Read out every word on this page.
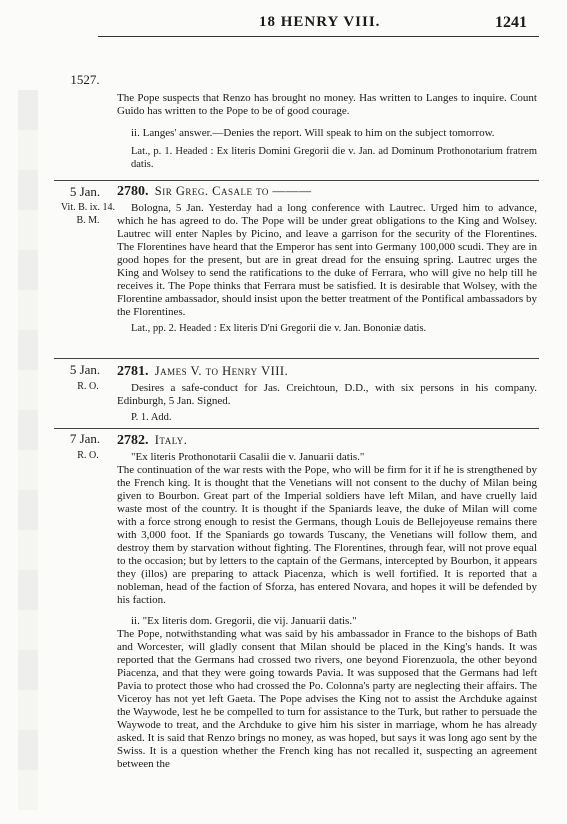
18 HENRY VIII.	1241
1527.

The Pope suspects that Renzo has brought no money. Has written to Langes to inquire. Count Guido has written to the Pope to be of good courage.

ii. Langes' answer.—Denies the report. Will speak to him on the subject tomorrow.

Lat., p. 1. Headed : Ex literis Domini Gregorii die v. Jan. ad Dominum Prothonotarium fratrem datis.
5 Jan.
Vit. B. ix. 14.
B. M.
2780. Sir Greg. Casale to ———

Bologna, 5 Jan. Yesterday had a long conference with Lautrec. Urged him to advance, which he has agreed to do. The Pope will be under great obligations to the King and Wolsey. Lautrec will enter Naples by Picino, and leave a garrison for the security of the Florentines. The Florentines have heard that the Emperor has sent into Germany 100,000 scudi. They are in good hopes for the present, but are in great dread for the ensuing spring. Lautrec urges the King and Wolsey to send the ratifications to the duke of Ferrara, who will give no help till he receives it. The Pope thinks that Ferrara must be satisfied. It is desirable that Wolsey, with the Florentine ambassador, should insist upon the better treatment of the Pontifical ambassadors by the Florentines.

Lat., pp. 2. Headed : Ex literis D'ni Gregorii die v. Jan. Bononiæ datis.
5 Jan.
R. O.
2781. James V. to Henry VIII.

Desires a safe-conduct for Jas. Creichtoun, D.D., with six persons in his company. Edinburgh, 5 Jan. Signed.

P. 1. Add.
7 Jan.
R. O.
2782. Italy.

"Ex literis Prothonotarii Casalii die v. Januarii datis."

The continuation of the war rests with the Pope, who will be firm for it if he is strengthened by the French king. It is thought that the Venetians will not consent to the duchy of Milan being given to Bourbon. Great part of the Imperial soldiers have left Milan, and have cruelly laid waste most of the country. It is thought if the Spaniards leave, the duke of Milan will come with a force strong enough to resist the Germans, though Louis de Bellejoyeuse remains there with 3,000 foot. If the Spaniards go towards Tuscany, the Venetians will follow them, and destroy them by starvation without fighting. The Florentines, through fear, will not prove equal to the occasion; but by letters to the captain of the Germans, intercepted by Bourbon, it appears they (illos) are preparing to attack Piacenza, which is well fortified. It is reported that a nobleman, head of the faction of Sforza, has entered Novara, and hopes it will be defended by his faction.

ii. "Ex literis dom. Gregorii, die vij. Januarii datis."

The Pope, notwithstanding what was said by his ambassador in France to the bishops of Bath and Worcester, will gladly consent that Milan should be placed in the King's hands. It was reported that the Germans had crossed two rivers, one beyond Fiorenzuola, the other beyond Piacenza, and that they were going towards Pavia. It was supposed that the Germans had left Pavia to protect those who had crossed the Po. Colonna's party are neglecting their affairs. The Viceroy has not yet left Gaeta. The Pope advises the King not to assist the Archduke against the Waywode, lest he be compelled to turn for assistance to the Turk, but rather to persuade the Waywode to treat, and the Archduke to give him his sister in marriage, whom he has already asked. It is said that Renzo brings no money, as was hoped, but says it was long ago sent by the Swiss. It is a question whether the French king has not recalled it, suspecting an agreement between the
